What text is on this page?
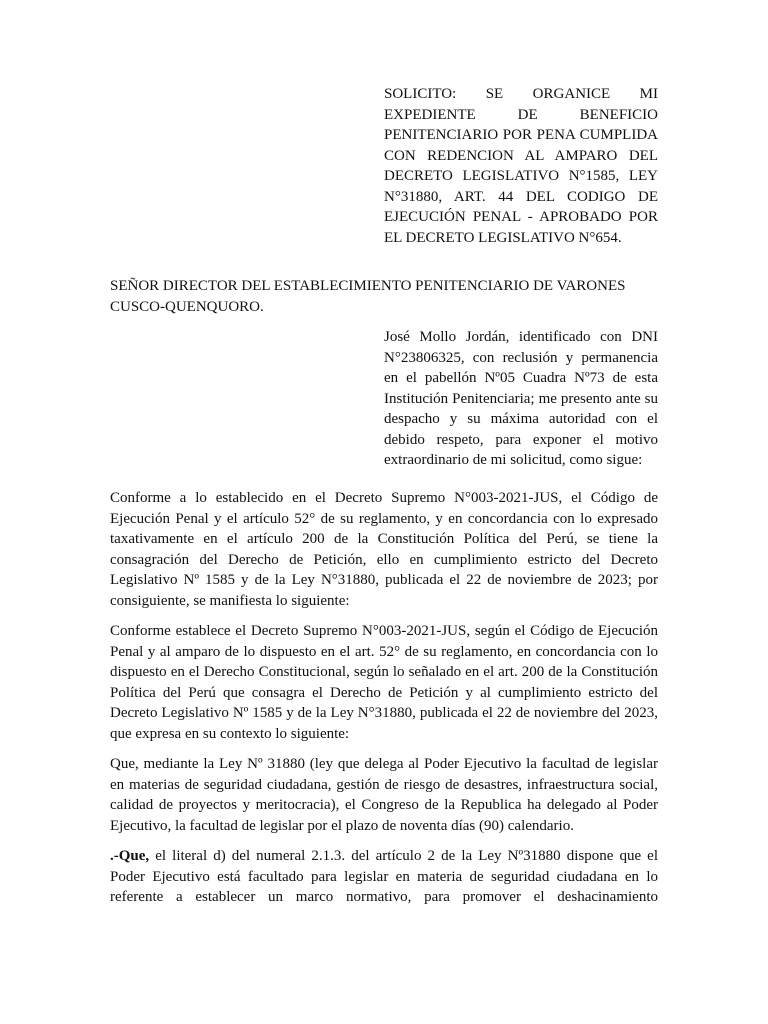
SOLICITO: SE ORGANICE MI EXPEDIENTE DE BENEFICIO PENITENCIARIO POR PENA CUMPLIDA CON REDENCION AL AMPARO DEL DECRETO LEGISLATIVO N°1585, LEY N°31880, ART. 44 DEL CODIGO DE EJECUCIÓN PENAL - APROBADO POR EL DECRETO LEGISLATIVO N°654.
SEÑOR DIRECTOR DEL ESTABLECIMIENTO PENITENCIARIO DE VARONES CUSCO-QUENQUORO.
José Mollo Jordán, identificado con DNI N°23806325, con reclusión y permanencia en el pabellón Nº05 Cuadra Nº73 de esta Institución Penitenciaria; me presento ante su despacho y su máxima autoridad con el debido respeto, para exponer el motivo extraordinario de mi solicitud, como sigue:

Conforme a lo establecido en el Decreto Supremo N°003-2021-JUS, el Código de Ejecución Penal y el artículo 52° de su reglamento, y en concordancia con lo expresado taxativamente en el artículo 200 de la Constitución Política del Perú, se tiene la consagración del Derecho de Petición, ello en cumplimiento estricto del Decreto Legislativo Nº 1585 y de la Ley N°31880, publicada el 22 de noviembre de 2023; por consiguiente, se manifiesta lo siguiente:

Conforme establece el Decreto Supremo N°003-2021-JUS, según el Código de Ejecución Penal y al amparo de lo dispuesto en el art. 52° de su reglamento, en concordancia con lo dispuesto en el Derecho Constitucional, según lo señalado en el art. 200 de la Constitución Política del Perú que consagra el Derecho de Petición y al cumplimiento estricto del Decreto Legislativo Nº 1585 y de la Ley N°31880, publicada el 22 de noviembre del 2023, que expresa en su contexto lo siguiente:

Que, mediante la Ley Nº 31880 (ley que delega al Poder Ejecutivo la facultad de legislar en materias de seguridad ciudadana, gestión de riesgo de desastres, infraestructura social, calidad de proyectos y meritocracia), el Congreso de la Republica ha delegado al Poder Ejecutivo, la facultad de legislar por el plazo de noventa días (90) calendario.

.-Que, el literal d) del numeral 2.1.3. del artículo 2 de la Ley Nº31880 dispone que el Poder Ejecutivo está facultado para legislar en materia de seguridad ciudadana en lo referente a establecer un marco normativo, para promover el deshacinamiento
